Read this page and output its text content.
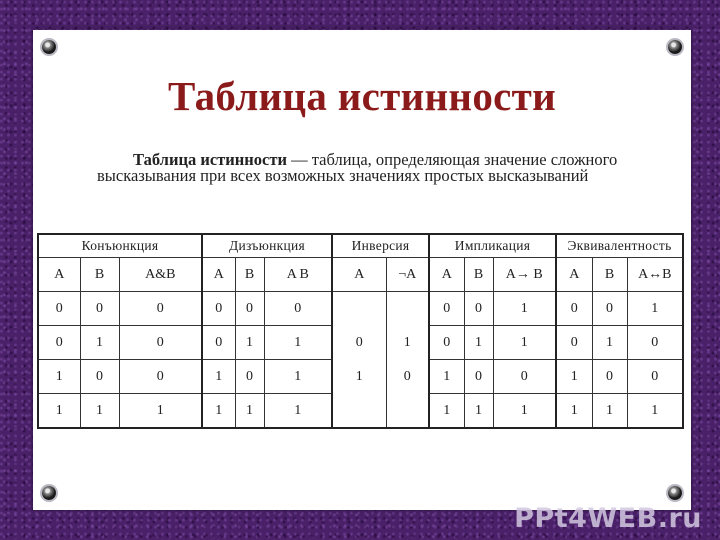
Таблица истинности
Таблица истинности — таблица, определяющая значение сложного высказывания при всех возможных значениях простых высказываний
Конъюнкция			Дизъюнкция			Инверсия		Импликация			Эквивалентность		
A	B	A&B	A	B	A B	A	¬A	A	B	A→ B	A	B	A↔B
0	0	0	0	0	0			0	0	1	0	0	1
0	1	0	0	1	1	0	1	0	1	1	0	1	0
1	0	0	1	0	1	1	0	1	0	0	1	0	0
1	1	1	1	1	1			1	1	1	1	1	1
PPt4WEB.ru
